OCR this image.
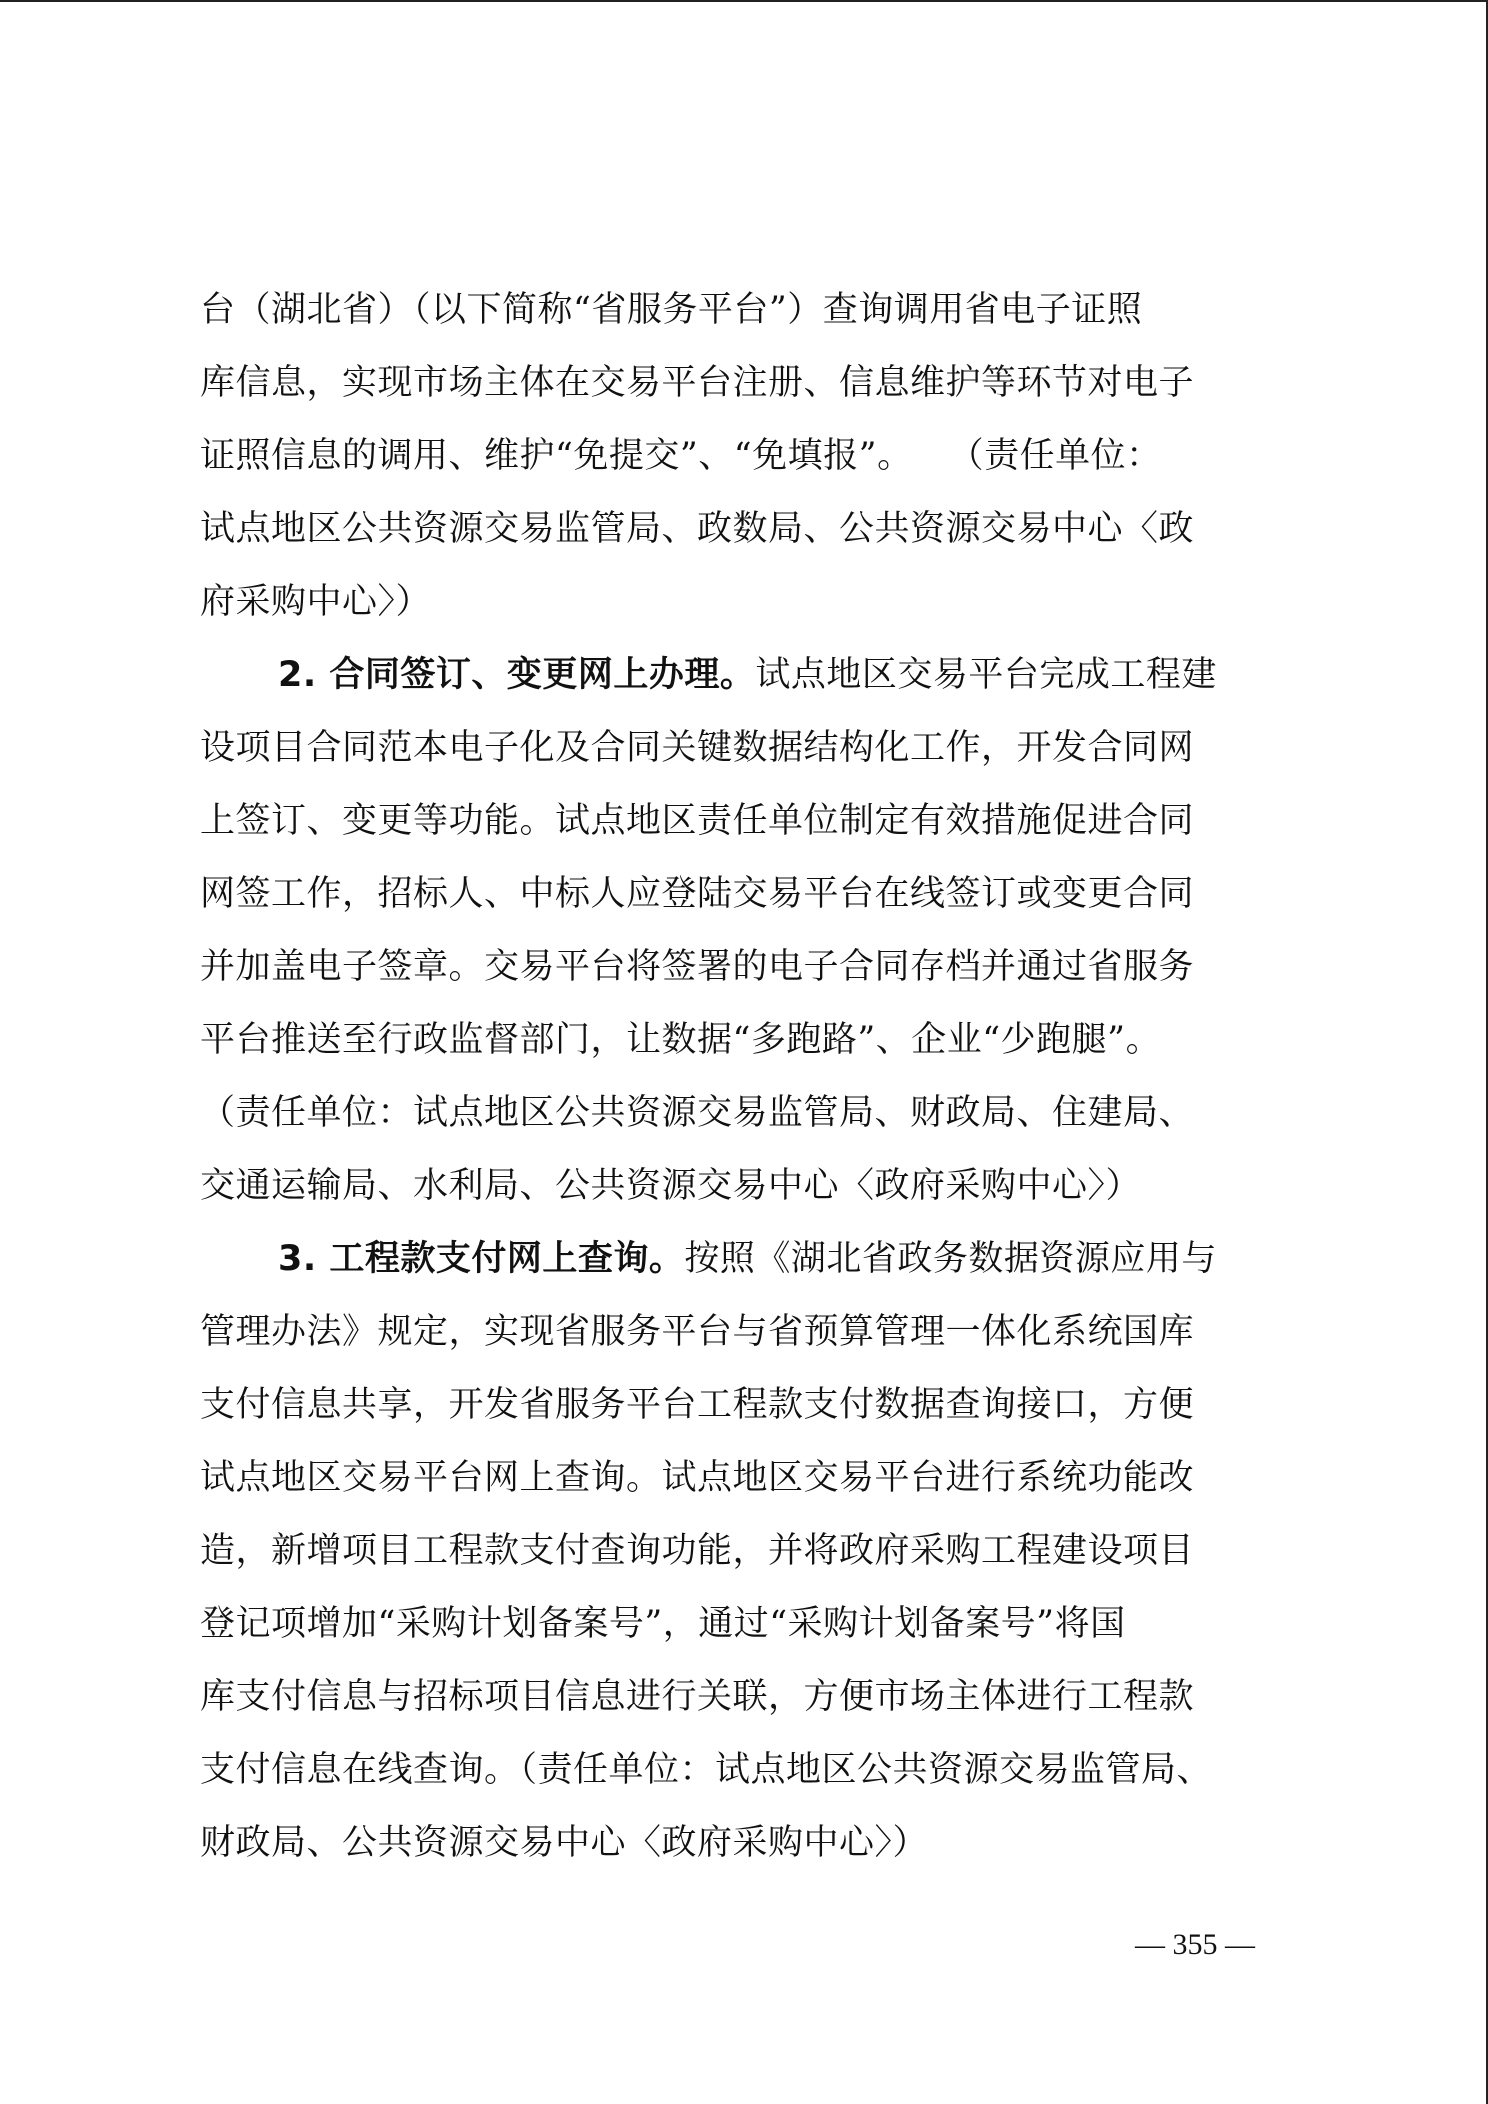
台（湖北省）（以下简称“省服务平台”）查询调用省电子证照
库信息，实现市场主体在交易平台注册、信息维护等环节对电子
证照信息的调用、维护“免提交”、“免填报”。　　（责任单位：
试点地区公共资源交易监管局、政数局、公共资源交易中心〈政
府采购中心〉）
2. 合同签订、变更网上办理。试点地区交易平台完成工程建
设项目合同范本电子化及合同关键数据结构化工作，开发合同网
上签订、变更等功能。试点地区责任单位制定有效措施促进合同
网签工作，招标人、中标人应登陆交易平台在线签订或变更合同
并加盖电子签章。交易平台将签署的电子合同存档并通过省服务
平台推送至行政监督部门，让数据“多跑路”、企业“少跑腿”。
（责任单位：试点地区公共资源交易监管局、财政局、住建局、
交通运输局、水利局、公共资源交易中心〈政府采购中心〉）
3. 工程款支付网上查询。按照《湖北省政务数据资源应用与
管理办法》规定，实现省服务平台与省预算管理一体化系统国库
支付信息共享，开发省服务平台工程款支付数据查询接口，方便
试点地区交易平台网上查询。试点地区交易平台进行系统功能改
造，新增项目工程款支付查询功能，并将政府采购工程建设项目
登记项增加“采购计划备案号”，通过“采购计划备案号”将国
库支付信息与招标项目信息进行关联，方便市场主体进行工程款
支付信息在线查询。（责任单位：试点地区公共资源交易监管局、
财政局、公共资源交易中心〈政府采购中心〉）
— 355 —
